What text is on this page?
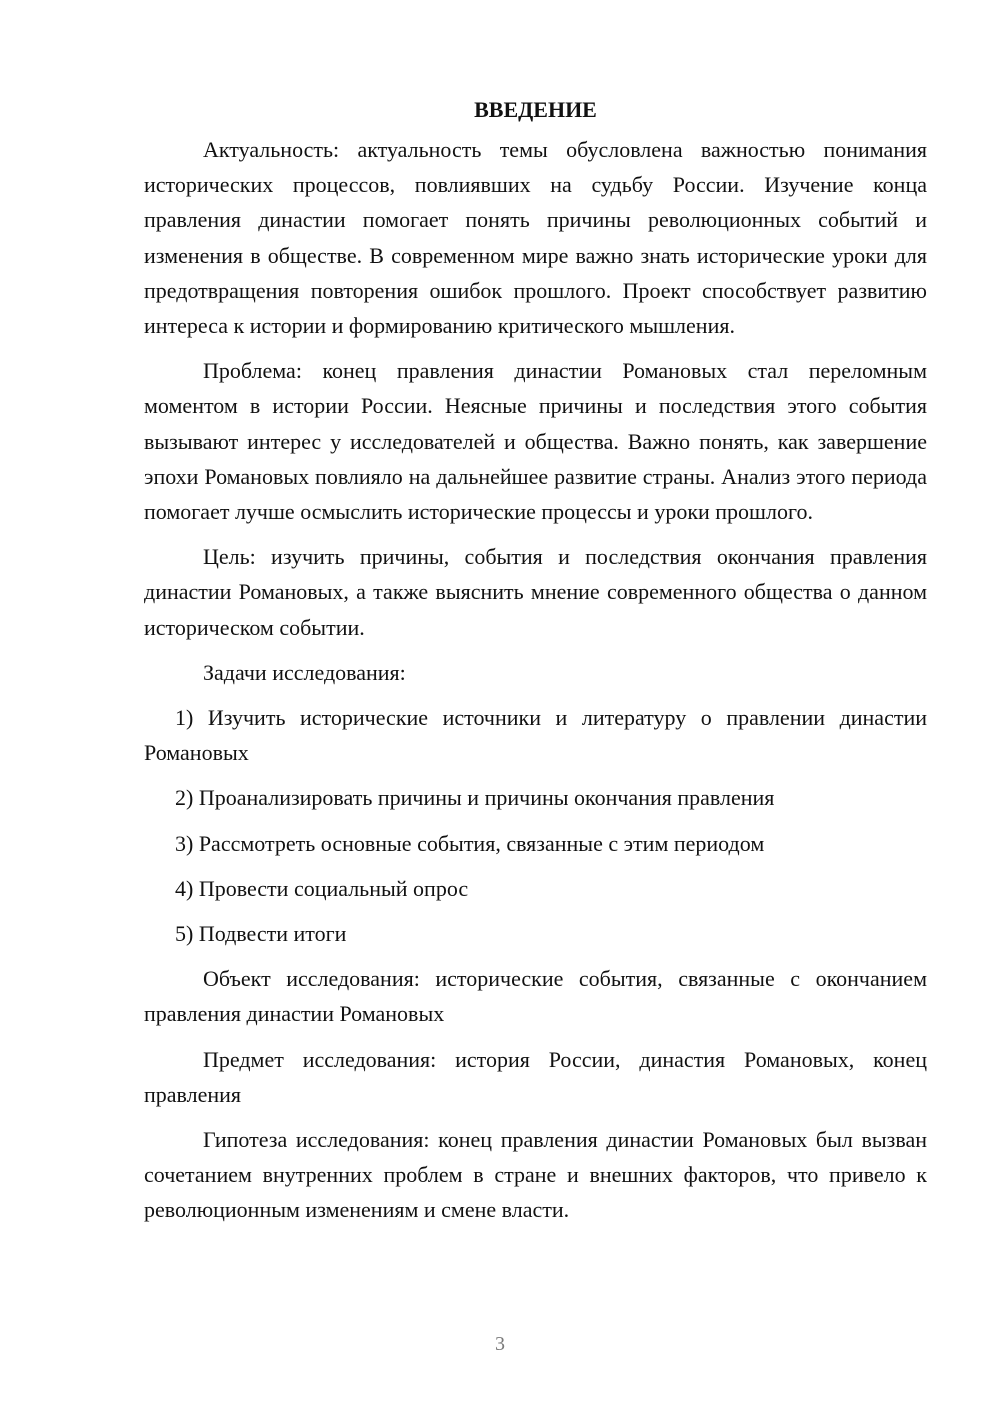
ВВЕДЕНИЕ

Актуальность: актуальность темы обусловлена важностью понимания исторических процессов, повлиявших на судьбу России. Изучение конца правления династии помогает понять причины революционных событий и изменения в обществе. В современном мире важно знать исторические уроки для предотвращения повторения ошибок прошлого. Проект способствует развитию интереса к истории и формированию критического мышления.

Проблема: конец правления династии Романовых стал переломным моментом в истории России. Неясные причины и последствия этого события вызывают интерес у исследователей и общества. Важно понять, как завершение эпохи Романовых повлияло на дальнейшее развитие страны. Анализ этого периода помогает лучше осмыслить исторические процессы и уроки прошлого.

Цель: изучить причины, события и последствия окончания правления династии Романовых, а также выяснить мнение современного общества о данном историческом событии.

Задачи исследования:

1) Изучить исторические источники и литературу о правлении династии Романовых

2) Проанализировать причины и причины окончания правления

3) Рассмотреть основные события, связанные с этим периодом

4) Провести социальный опрос

5) Подвести итоги

Объект исследования: исторические события, связанные с окончанием правления династии Романовых

Предмет исследования: история России, династия Романовых, конец правления

Гипотеза исследования: конец правления династии Романовых был вызван сочетанием внутренних проблем в стране и внешних факторов, что привело к революционным изменениям и смене власти.

3
